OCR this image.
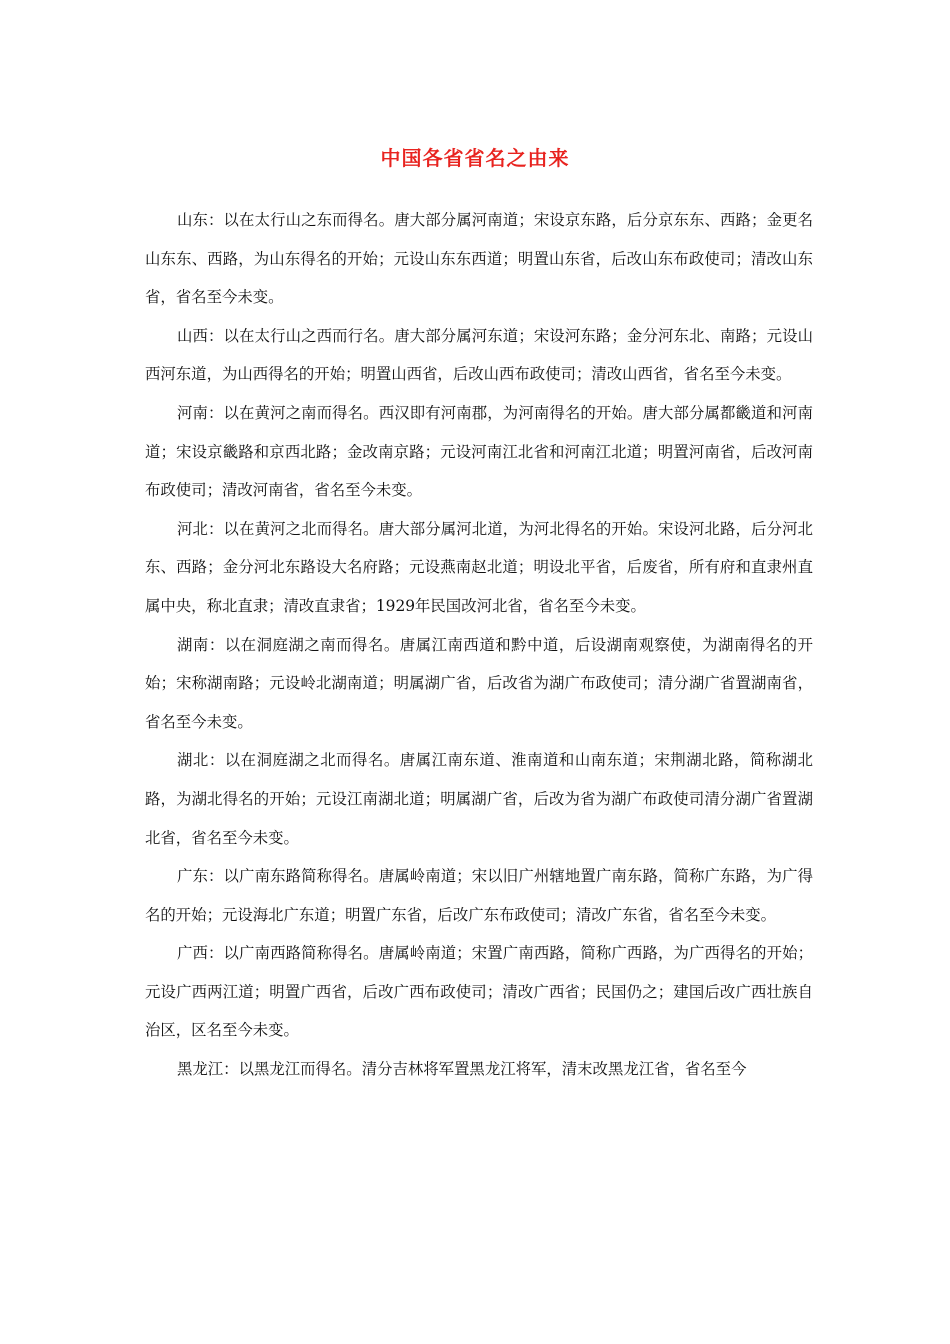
中国各省省名之由来

山东：以在太行山之东而得名。唐大部分属河南道；宋设京东路，后分京东东、西路；金更名山东东、西路，为山东得名的开始；元设山东东西道；明置山东省，后改山东布政使司；清改山东省，省名至今未变。

山西：以在太行山之西而行名。唐大部分属河东道；宋设河东路；金分河东北、南路；元设山西河东道，为山西得名的开始；明置山西省，后改山西布政使司；清改山西省，省名至今未变。

河南：以在黄河之南而得名。西汉即有河南郡，为河南得名的开始。唐大部分属都畿道和河南道；宋设京畿路和京西北路；金改南京路；元设河南江北省和河南江北道；明置河南省，后改河南布政使司；清改河南省，省名至今未变。

河北：以在黄河之北而得名。唐大部分属河北道，为河北得名的开始。宋设河北路，后分河北东、西路；金分河北东路设大名府路；元设燕南赵北道；明设北平省，后废省，所有府和直隶州直属中央，称北直隶；清改直隶省；1929年民国改河北省，省名至今未变。

湖南：以在洞庭湖之南而得名。唐属江南西道和黔中道，后设湖南观察使，为湖南得名的开始；宋称湖南路；元设岭北湖南道；明属湖广省，后改省为湖广布政使司；清分湖广省置湖南省，省名至今未变。

湖北：以在洞庭湖之北而得名。唐属江南东道、淮南道和山南东道；宋荆湖北路，简称湖北路，为湖北得名的开始；元设江南湖北道；明属湖广省，后改为省为湖广布政使司清分湖广省置湖北省，省名至今未变。

广东：以广南东路简称得名。唐属岭南道；宋以旧广州辖地置广南东路，简称广东路，为广得名的开始；元设海北广东道；明置广东省，后改广东布政使司；清改广东省，省名至今未变。

广西：以广南西路简称得名。唐属岭南道；宋置广南西路，简称广西路，为广西得名的开始；元设广西两江道；明置广西省，后改广西布政使司；清改广西省；民国仍之；建国后改广西壮族自治区，区名至今未变。

黑龙江：以黑龙江而得名。清分吉林将军置黑龙江将军，清末改黑龙江省，省名至今
